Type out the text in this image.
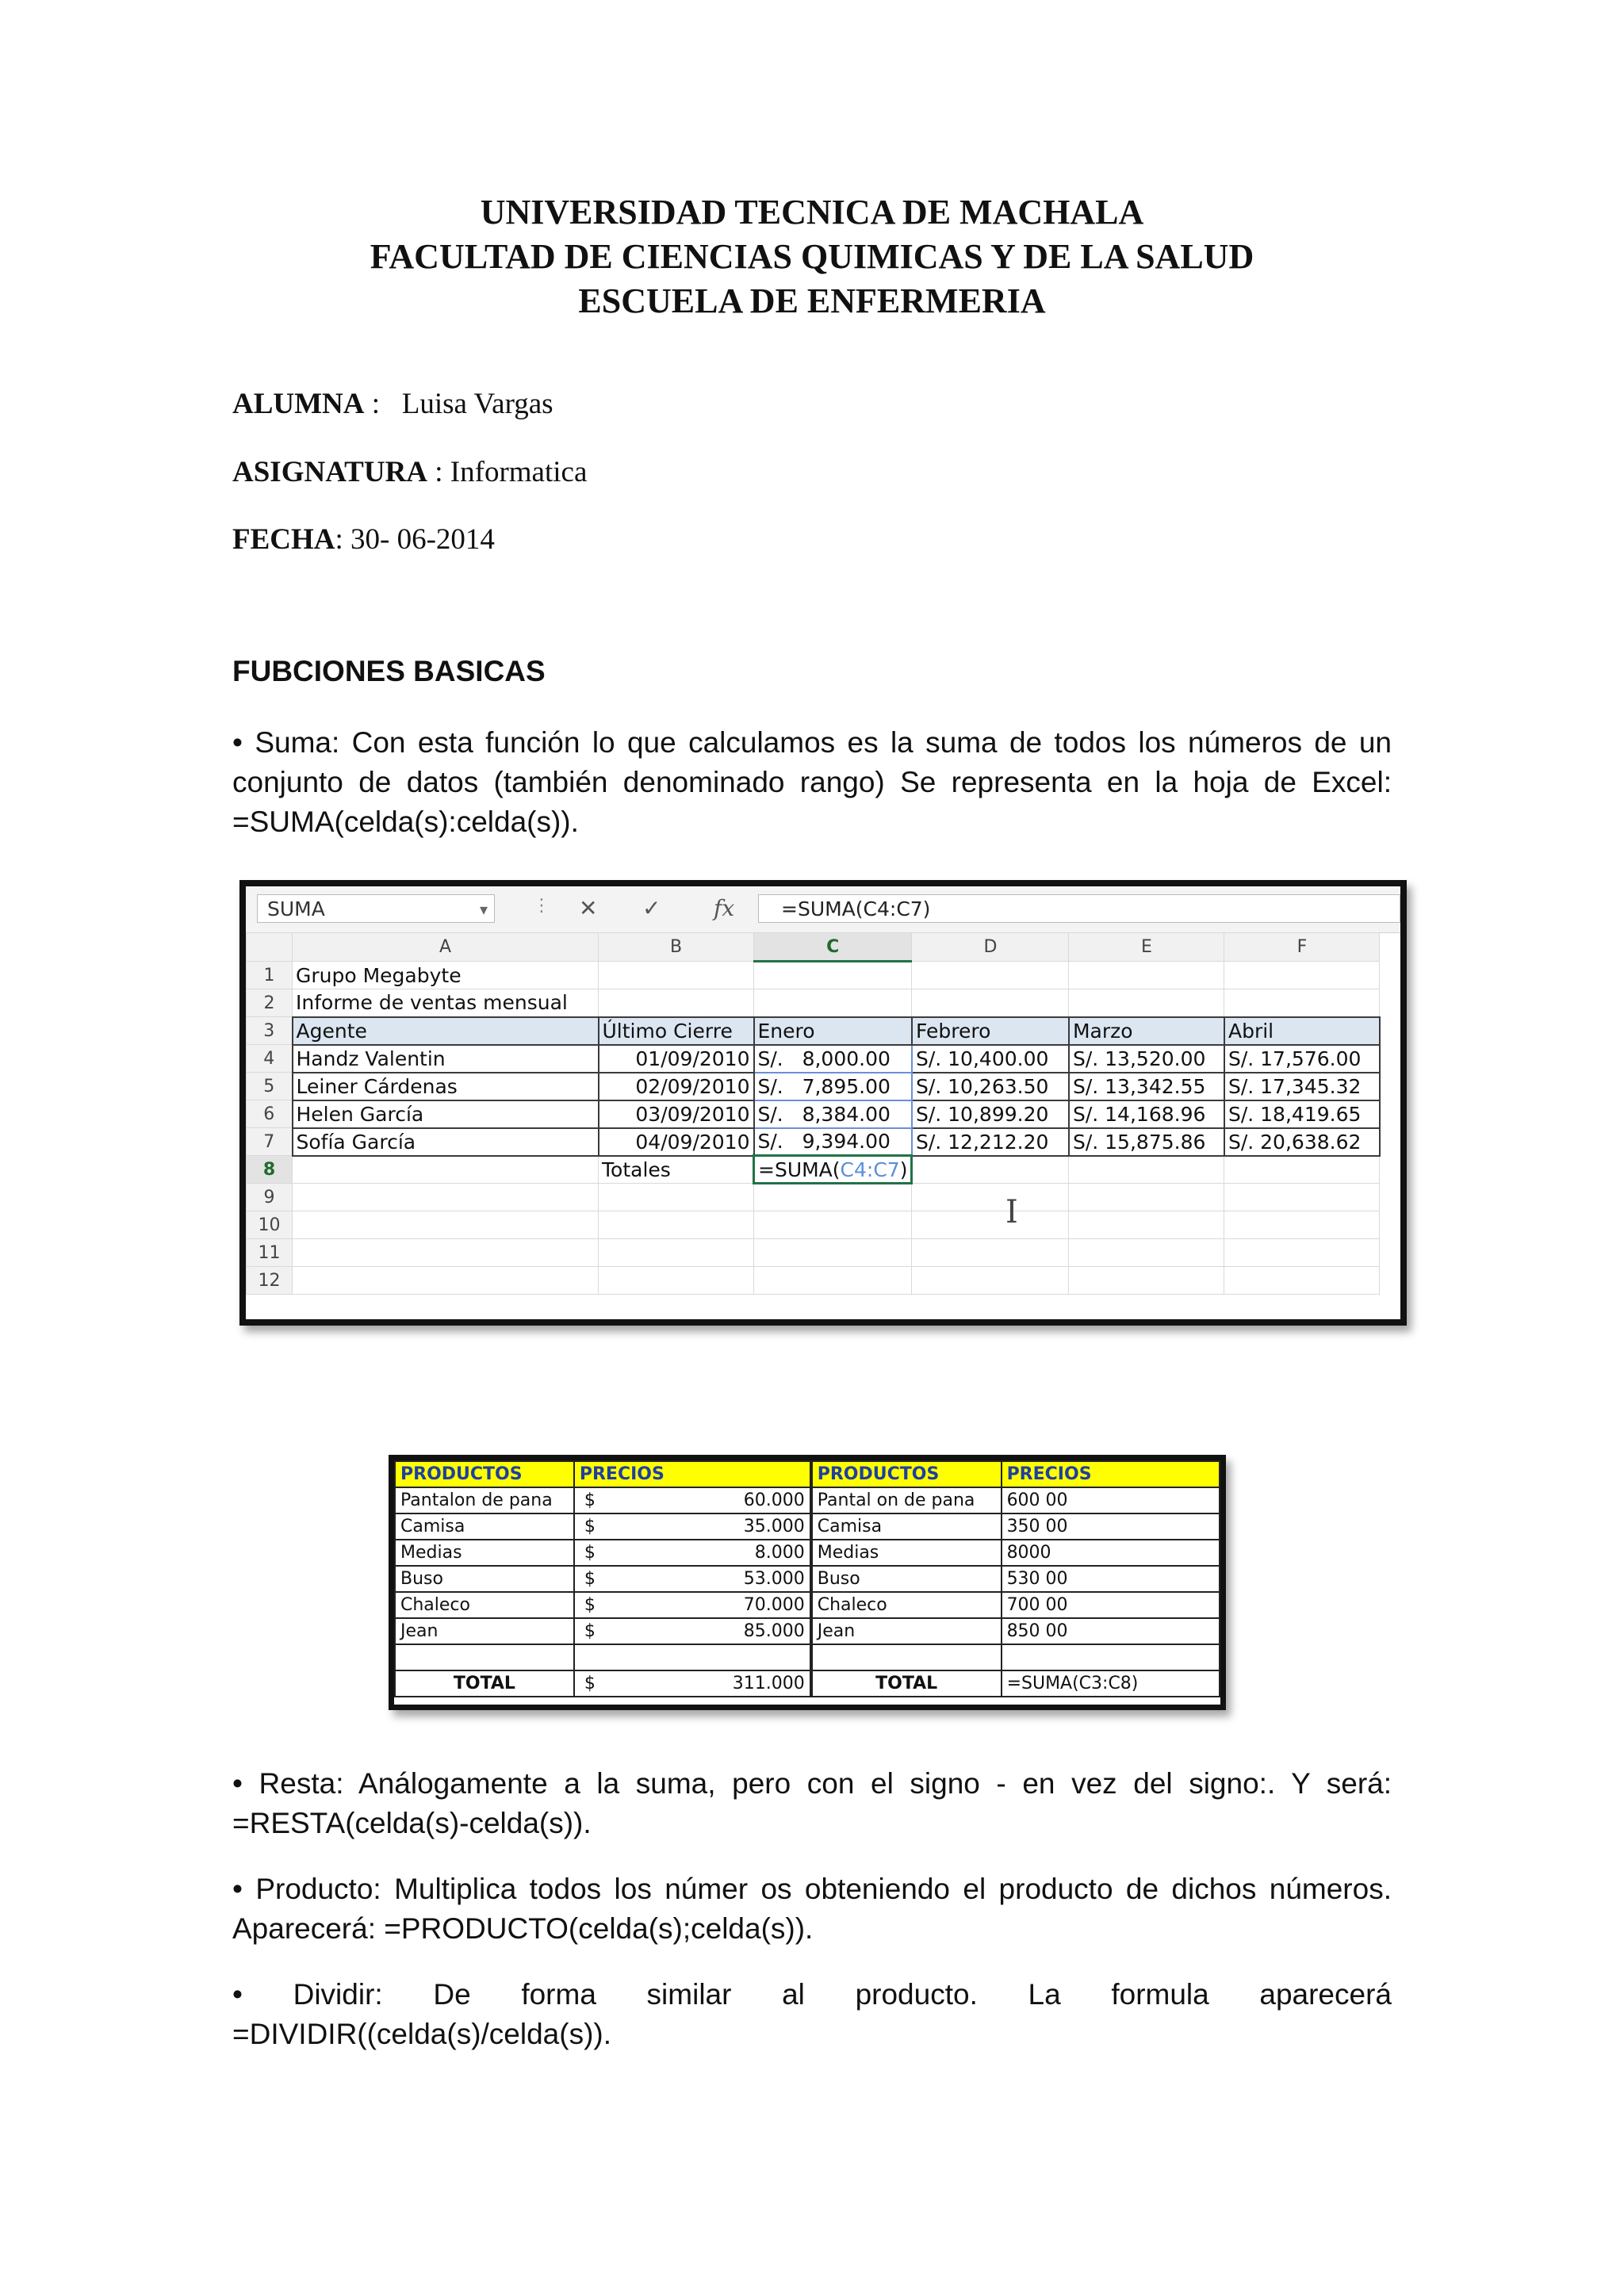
UNIVERSIDAD TECNICA DE MACHALA
FACULTAD DE CIENCIAS QUIMICAS Y DE LA SALUD
ESCUELA DE ENFERMERIA
ALUMNA :   Luisa Vargas
ASIGNATURA : Informatica
FECHA: 30- 06-2014
FUBCIONES BASICAS
• Suma: Con esta función lo que calculamos es la suma de todos los números de un
conjunto de datos (también denominado rango) Se representa en la hoja de Excel:
=SUMA(celda(s):celda(s)).
SUMA	▾	⋮ ✕ ✓ fx	=SUMA(C4:C7)
	A	B	C	D	E	F
1	Grupo Megabyte					
2	Informe de ventas mensual					
3	Agente	Último Cierre	Enero	Febrero	Marzo	Abril
4	Handz Valentin	01/09/2010	S/.   8,000.00	S/. 10,400.00	S/. 13,520.00	S/. 17,576.00
5	Leiner Cárdenas	02/09/2010	S/.   7,895.00	S/. 10,263.50	S/. 13,342.55	S/. 17,345.32
6	Helen García	03/09/2010	S/.   8,384.00	S/. 10,899.20	S/. 14,168.96	S/. 18,419.65
7	Sofía García	04/09/2010	S/.   9,394.00	S/. 12,212.20	S/. 15,875.86	S/. 20,638.62
8		Totales	=SUMA(C4:C7)			
9						
10						
11						
12						
I
PRODUCTOS	PRECIOS	PRODUCTOS	PRECIOS
Pantalon de pana	$ 60.000	Pantal on de pana	600 00
Camisa	$ 35.000	Camisa	350 00
Medias	$ 8.000	Medias	8000
Buso	$ 53.000	Buso	530 00
Chaleco	$ 70.000	Chaleco	700 00
Jean	$ 85.000	Jean	850 00

TOTAL	$ 311.000	TOTAL	=SUMA(C3:C8)
• Resta: Análogamente a la suma, pero con el signo - en vez del signo:. Y será:
=RESTA(celda(s)-celda(s)).
• Producto: Multiplica todos los númer os obteniendo el producto de dichos números.
Aparecerá: =PRODUCTO(celda(s);celda(s)).
•     Dividir:     De     forma     similar     al     producto.     La     formula     aparecerá
=DIVIDIR((celda(s)/celda(s)).
